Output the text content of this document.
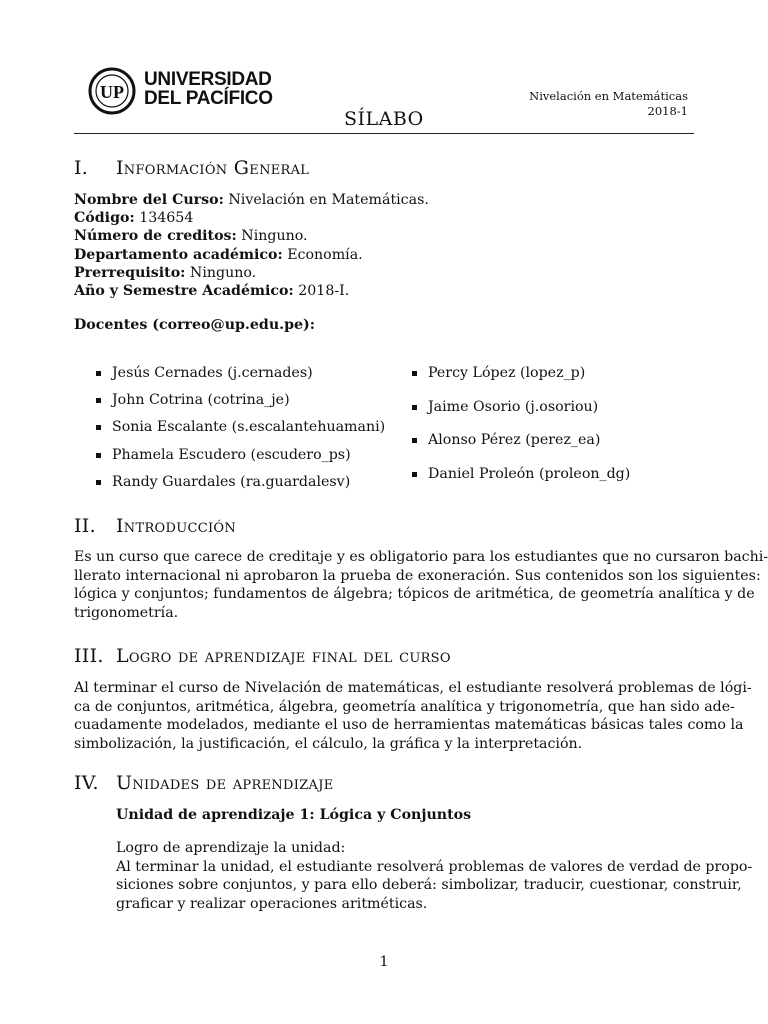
UP
UNIVERSIDAD
DEL PACÍFICO	Nivelación en Matemáticas
2018-1
SÍLABO
I. Información General
Nombre del Curso: Nivelación en Matemáticas.
Código: 134654
Número de creditos: Ninguno.
Departamento académico: Economía.
Prerrequisito: Ninguno.
Año y Semestre Académico: 2018-I.
Docentes (correo@up.edu.pe):
Jesús Cernades (j.cernades)
John Cotrina (cotrina_je)
Sonia Escalante (s.escalantehuamani)
Phamela Escudero (escudero_ps)
Randy Guardales (ra.guardalesv)
Percy López (lopez_p)
Jaime Osorio (j.osoriou)
Alonso Pérez (perez_ea)
Daniel Proleón (proleon_dg)
II. Introducción
Es un curso que carece de creditaje y es obligatorio para los estudiantes que no cursaron bachi-
llerato internacional ni aprobaron la prueba de exoneración. Sus contenidos son los siguientes:
lógica y conjuntos; fundamentos de álgebra; tópicos de aritmética, de geometría analítica y de
trigonometría.
III. Logro de aprendizaje final del curso
Al terminar el curso de Nivelación de matemáticas, el estudiante resolverá problemas de lógi-
ca de conjuntos, aritmética, álgebra, geometría analítica y trigonometría, que han sido ade-
cuadamente modelados, mediante el uso de herramientas matemáticas básicas tales como la
simbolización, la justificación, el cálculo, la gráfica y la interpretación.
IV. Unidades de aprendizaje
Unidad de aprendizaje 1: Lógica y Conjuntos
Logro de aprendizaje la unidad:
Al terminar la unidad, el estudiante resolverá problemas de valores de verdad de propo-
siciones sobre conjuntos, y para ello deberá: simbolizar, traducir, cuestionar, construir,
graficar y realizar operaciones aritméticas.
1
